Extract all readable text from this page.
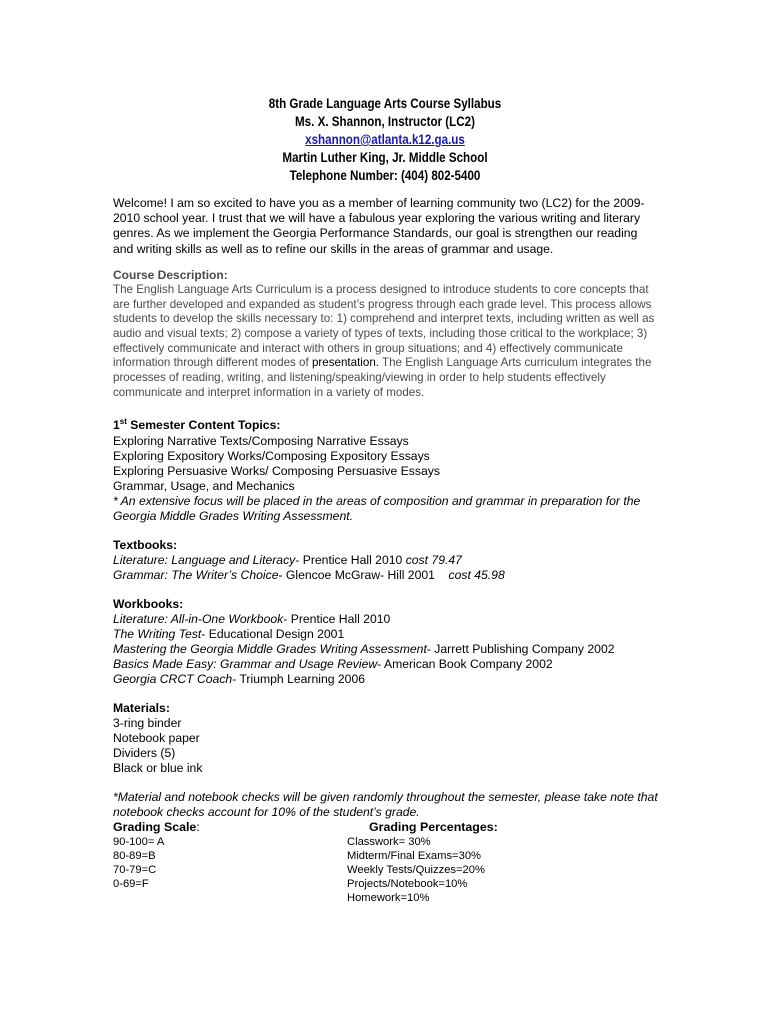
8th Grade Language Arts Course Syllabus
Ms. X. Shannon, Instructor (LC2)
xshannon@atlanta.k12.ga.us
Martin Luther King, Jr. Middle School
Telephone Number: (404) 802-5400

Welcome! I am so excited to have you as a member of learning community two (LC2) for the 2009-2010 school year. I trust that we will have a fabulous year exploring the various writing and literary genres. As we implement the Georgia Performance Standards, our goal is strengthen our reading and writing skills as well as to refine our skills in the areas of grammar and usage.

Course Description:
The English Language Arts Curriculum is a process designed to introduce students to core concepts that are further developed and expanded as student’s progress through each grade level. This process allows students to develop the skills necessary to: 1) comprehend and interpret texts, including written as well as audio and visual texts; 2) compose a variety of types of texts, including those critical to the workplace; 3) effectively communicate and interact with others in group situations; and 4) effectively communicate information through different modes of presentation. The English Language Arts curriculum integrates the processes of reading, writing, and listening/speaking/viewing in order to help students effectively communicate and interpret information in a variety of modes.
1st Semester Content Topics:
Exploring Narrative Texts/Composing Narrative Essays
Exploring Expository Works/Composing Expository Essays
Exploring Persuasive Works/ Composing Persuasive Essays
Grammar, Usage, and Mechanics
* An extensive focus will be placed in the areas of composition and grammar in preparation for the Georgia Middle Grades Writing Assessment.
Textbooks:
Literature: Language and Literacy- Prentice Hall 2010 cost 79.47
Grammar: The Writer’s Choice- Glencoe McGraw- Hill 2001    cost 45.98
Workbooks:
Literature: All-in-One Workbook- Prentice Hall 2010
The Writing Test- Educational Design 2001
Mastering the Georgia Middle Grades Writing Assessment- Jarrett Publishing Company 2002
Basics Made Easy: Grammar and Usage Review- American Book Company 2002
Georgia CRCT Coach- Triumph Learning 2006
Materials:
3-ring binder
Notebook paper
Dividers (5)
Black or blue ink
*Material and notebook checks will be given randomly throughout the semester, please take note that notebook checks account for 10% of the student’s grade.
Grading Scale:	Grading Percentages:
90-100= A
80-89=B
70-79=C
0-69=F
Classwork= 30%
Midterm/Final Exams=30%
Weekly Tests/Quizzes=20%
Projects/Notebook=10%
Homework=10%
